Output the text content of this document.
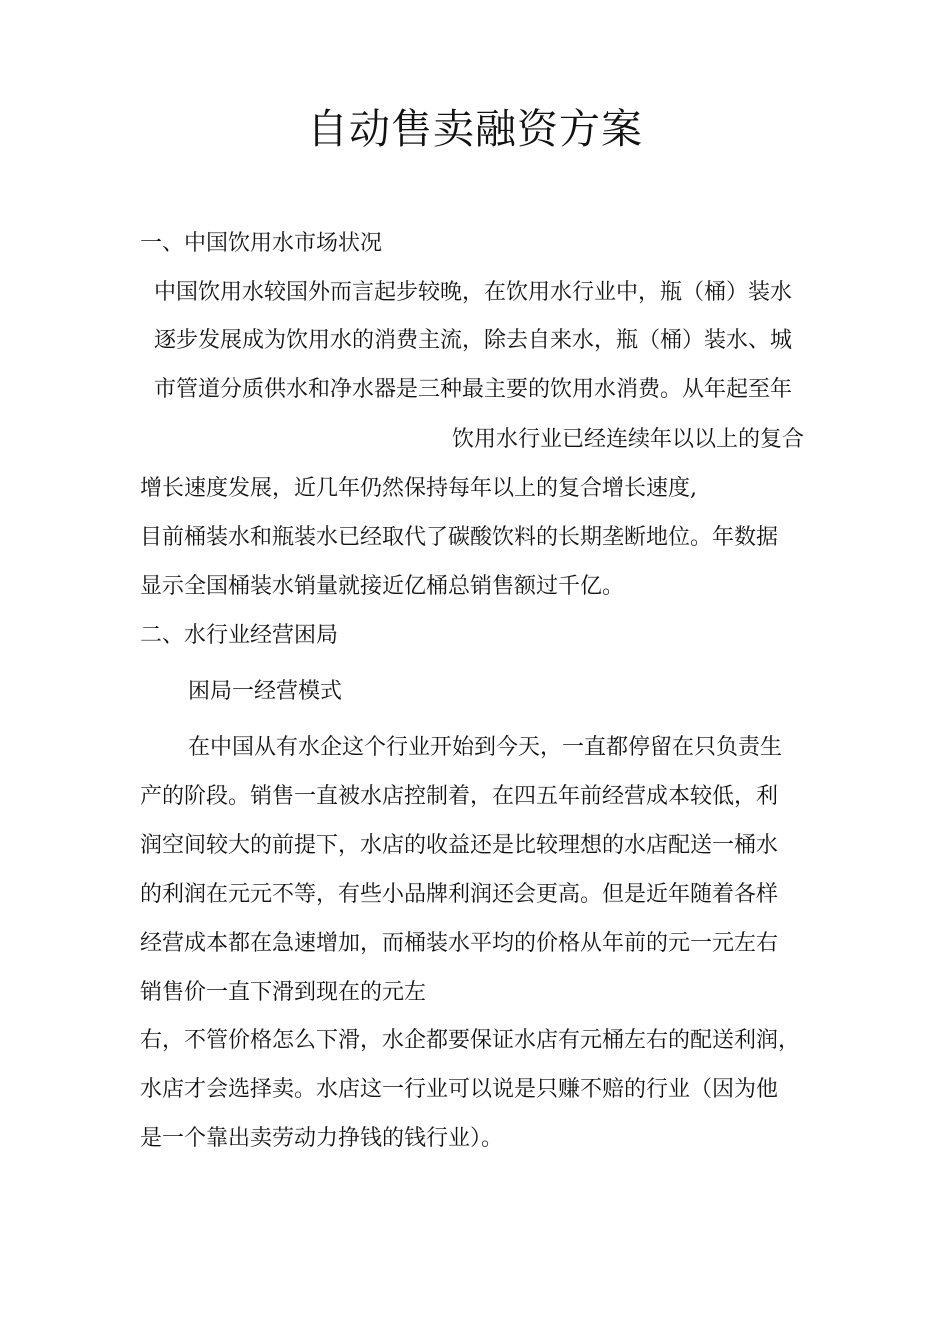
自动售卖融资方案
一、中国饮用水市场状况
中国饮用水较国外而言起步较晚，在饮用水行业中，瓶（桶）装水
逐步发展成为饮用水的消费主流，除去自来水，瓶（桶）装水、城
市管道分质供水和净水器是三种最主要的饮用水消费。从年起至年
饮用水行业已经连续年以以上的复合
增长速度发展，近几年仍然保持每年以上的复合增长速度,
目前桶装水和瓶装水已经取代了碳酸饮料的长期垄断地位。年数据
显示全国桶装水销量就接近亿桶总销售额过千亿。
二、水行业经营困局
困局一经营模式
在中国从有水企这个行业开始到今天，一直都停留在只负责生
产的阶段。销售一直被水店控制着，在四五年前经营成本较低，利
润空间较大的前提下，水店的收益还是比较理想的水店配送一桶水
的利润在元元不等，有些小品牌利润还会更高。但是近年随着各样
经营成本都在急速增加，而桶装水平均的价格从年前的元一元左右
销售价一直下滑到现在的元左
右，不管价格怎么下滑，水企都要保证水店有元桶左右的配送利润，
水店才会选择卖。水店这一行业可以说是只赚不赔的行业（因为他
是一个靠出卖劳动力挣钱的钱行业）。
